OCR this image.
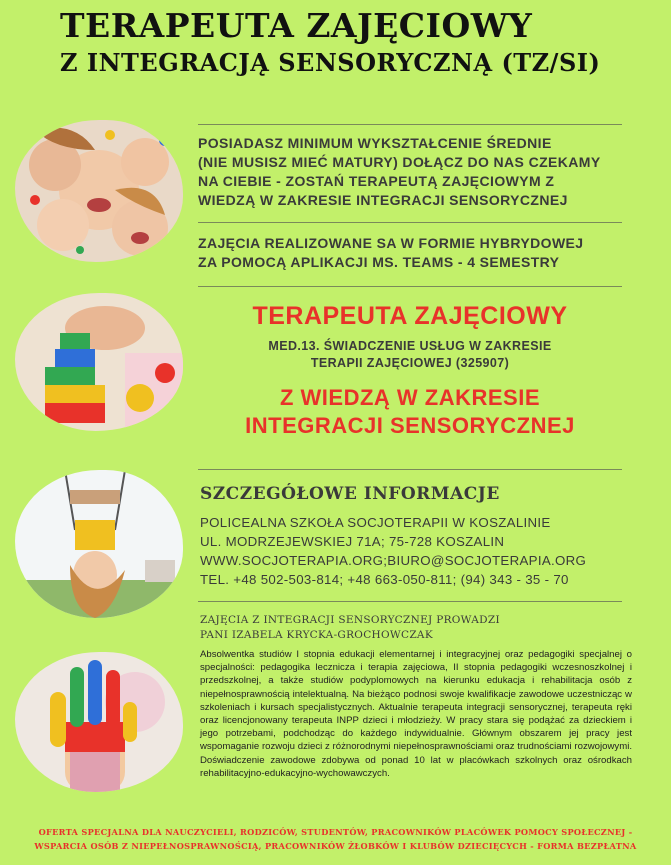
TERAPEUTA ZAJĘCIOWY
Z INTEGRACJĄ SENSORYCZNĄ (TZ/SI)
POSIADASZ MINIMUM WYKSZTAŁCENIE ŚREDNIE
(NIE MUSISZ MIEĆ MATURY) DOŁĄCZ DO NAS CZEKAMY
NA CIEBIE - ZOSTAŃ TERAPEUTĄ ZAJĘCIOWYM Z
WIEDZĄ W ZAKRESIE INTEGRACJI SENSORYCZNEJ
ZAJĘCIA REALIZOWANE SA W FORMIE HYBRYDOWEJ
ZA POMOCĄ APLIKACJI MS. TEAMS - 4 SEMESTRY
TERAPEUTA ZAJĘCIOWY
MED.13. ŚWIADCZENIE USŁUG W ZAKRESIE
TERAPII ZAJĘCIOWEJ (325907)
Z WIEDZĄ W ZAKRESIE
INTEGRACJI SENSORYCZNEJ
SZCZEGÓŁOWE INFORMACJE
POLICEALNA SZKOŁA SOCJOTERAPII W KOSZALINIE
UL. MODRZEJEWSKIEJ 71A; 75-728 KOSZALIN
WWW.SOCJOTERAPIA.ORG;BIURO@SOCJOTERAPIA.ORG
TEL. +48 502-503-814; +48 663-050-811; (94) 343 - 35 - 70
ZAJĘCIA Z INTEGRACJI SENSORYCZNEJ PROWADZI
PANI IZABELA KRYCKA-GROCHOWCZAK
Absolwentka studiów I stopnia edukacji elementarnej i integracyjnej oraz pedagogiki specjalnej o specjalności: pedagogika lecznicza i terapia zajęciowa, II stopnia pedagogiki wczesnoszkolnej i przedszkolnej, a także studiów podyplomowych na kierunku edukacja i rehabilitacja osób z niepełnosprawnością intelektualną. Na bieżąco podnosi swoje kwalifikacje zawodowe uczestnicząc w szkoleniach i kursach specjalistycznych. Aktualnie terapeuta integracji sensorycznej, terapeuta ręki oraz licencjonowany terapeuta INPP dzieci i młodzieży. W pracy stara się podążać za dzieckiem i jego potrzebami, podchodząc do każdego indywidualnie. Głównym obszarem jej pracy jest wspomaganie rozwoju dzieci z różnorodnymi niepełnosprawnościami oraz trudnościami rozwojowymi. Doświadczenie zawodowe zdobywa od ponad 10 lat w placówkach szkolnych oraz ośrodkach rehabilitacyjno-edukacyjno-wychowawczych.
OFERTA SPECJALNA DLA NAUCZYCIELI, RODZICÓW, STUDENTÓW, PRACOWNIKÓW PLACÓWEK POMOCY SPOŁECZNEJ -
WSPARCIA OSÓB Z NIEPEŁNOSPRAWNOŚCIĄ, PRACOWNIKÓW ŻŁOBKÓW I KLUBÓW DZIECIĘCYCH - FORMA BEZPŁATNA
